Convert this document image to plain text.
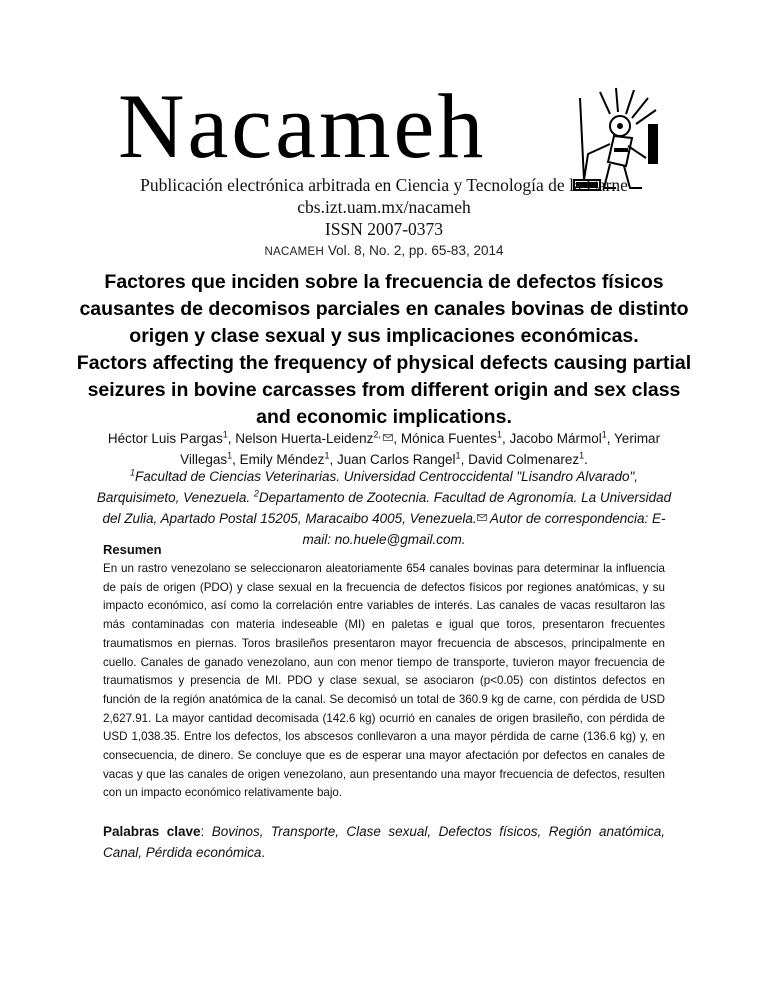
Nacameh
Publicación electrónica arbitrada en Ciencia y Tecnología de la Carne
cbs.izt.uam.mx/nacameh
ISSN 2007-0373
NACAMEH Vol. 8, No. 2, pp. 65-83, 2014
Factores que inciden sobre la frecuencia de defectos físicos causantes de decomisos parciales en canales bovinas de distinto origen y clase sexual y sus implicaciones económicas.
Factors affecting the frequency of physical defects causing partial seizures in bovine carcasses from different origin and sex class and economic implications.
Héctor Luis Pargas$^1$, Nelson Huerta-Leidenz$^{2,}$
, Mónica Fuentes$^1$, Jacobo Mármol$^1$, Yerimar Villegas$^1$, Emily Méndez$^1$, Juan Carlos Rangel$^1$, David Colmenarez$^1$.
$^1$Facultad de Ciencias Veterinarias. Universidad Centroccidental "Lisandro Alvarado", Barquisimeto, Venezuela. $^2$Departamento de Zootecnia. Facultad de Agronomía. La Universidad del Zulia, Apartado Postal 15205, Maracaibo 4005, Venezuela.
Autor de correspondencia: E-mail: no.huele@gmail.com.
Resumen
En un rastro venezolano se seleccionaron aleatoriamente 654 canales bovinas para determinar la influencia de país de origen (PDO) y clase sexual en la frecuencia de defectos físicos por regiones anatómicas, y su impacto económico, así como la correlación entre variables de interés. Las canales de vacas resultaron las más contaminadas con materia indeseable (MI) en paletas e igual que toros, presentaron frecuentes traumatismos en piernas. Toros brasileños presentaron mayor frecuencia de abscesos, principalmente en cuello. Canales de ganado venezolano, aun con menor tiempo de transporte, tuvieron mayor frecuencia de traumatismos y presencia de MI. PDO y clase sexual, se asociaron (p<0.05) con distintos defectos en función de la región anatómica de la canal. Se decomisó un total de 360.9 kg de carne, con pérdida de USD 2,627.91. La mayor cantidad decomisada (142.6 kg) ocurrió en canales de origen brasileño, con pérdida de USD 1,038.35. Entre los defectos, los abscesos conllevaron a una mayor pérdida de carne (136.6 kg) y, en consecuencia, de dinero. Se concluye que es de esperar una mayor afectación por defectos en canales de vacas y que las canales de origen venezolano, aun presentando una mayor frecuencia de defectos, resulten con un impacto económico relativamente bajo.
Palabras clave: Bovinos, Transporte, Clase sexual, Defectos físicos, Región anatómica, Canal, Pérdida económica.
